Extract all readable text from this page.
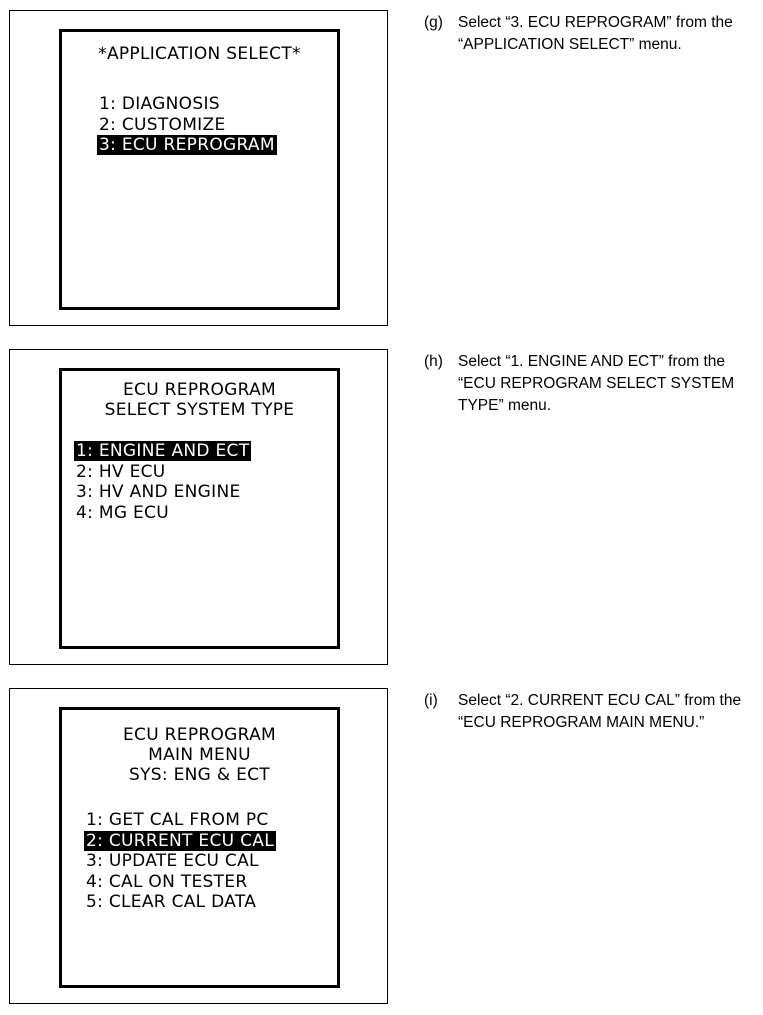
*APPLICATION SELECT*
1: DIAGNOSIS
2: CUSTOMIZE
3: ECU REPROGRAM
(g) Select “3. ECU REPROGRAM” from the “APPLICATION SELECT” menu.
ECU REPROGRAM
SELECT SYSTEM TYPE
1: ENGINE AND ECT
2: HV ECU
3: HV AND ENGINE
4: MG ECU
(h) Select “1. ENGINE AND ECT” from the “ECU REPROGRAM SELECT SYSTEM TYPE” menu.
ECU REPROGRAM
MAIN MENU
SYS: ENG & ECT
1: GET CAL FROM PC
2: CURRENT ECU CAL
3: UPDATE ECU CAL
4: CAL ON TESTER
5: CLEAR CAL DATA
(i) Select “2. CURRENT ECU CAL” from the “ECU REPROGRAM MAIN MENU.”
